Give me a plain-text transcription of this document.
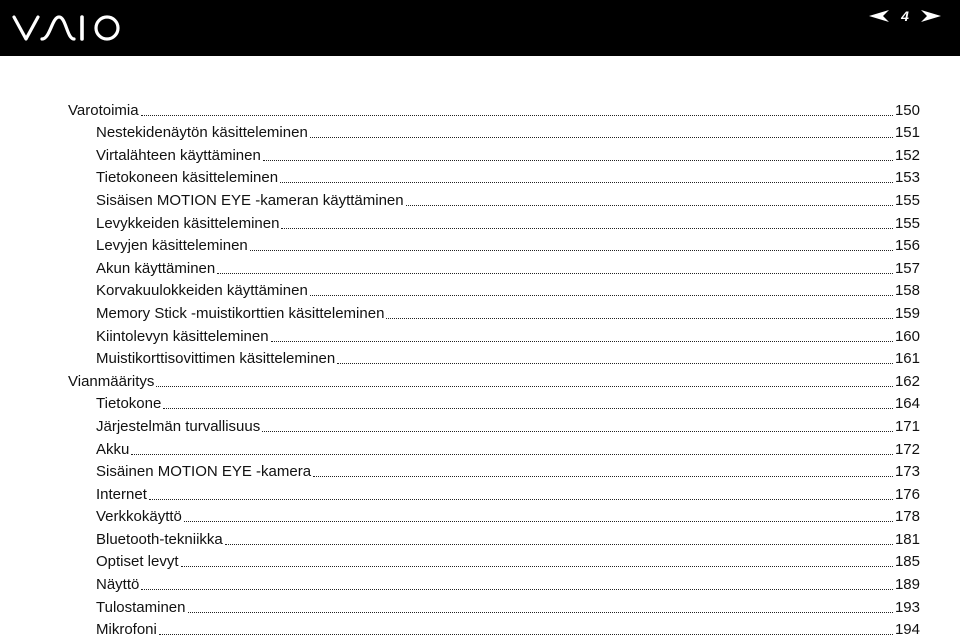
4
Varotoimia	150
Nestekidenäytön käsitteleminen	151
Virtalähteen käyttäminen	152
Tietokoneen käsitteleminen	153
Sisäisen MOTION EYE -kameran käyttäminen	155
Levykkeiden käsitteleminen	155
Levyjen käsitteleminen	156
Akun käyttäminen	157
Korvakuulokkeiden käyttäminen	158
Memory Stick -muistikorttien käsitteleminen	159
Kiintolevyn käsitteleminen	160
Muistikorttisovittimen käsitteleminen	161
Vianmääritys	162
Tietokone	164
Järjestelmän turvallisuus	171
Akku	172
Sisäinen MOTION EYE -kamera	173
Internet	176
Verkkokäyttö	178
Bluetooth-tekniikka	181
Optiset levyt	185
Näyttö	189
Tulostaminen	193
Mikrofoni	194
